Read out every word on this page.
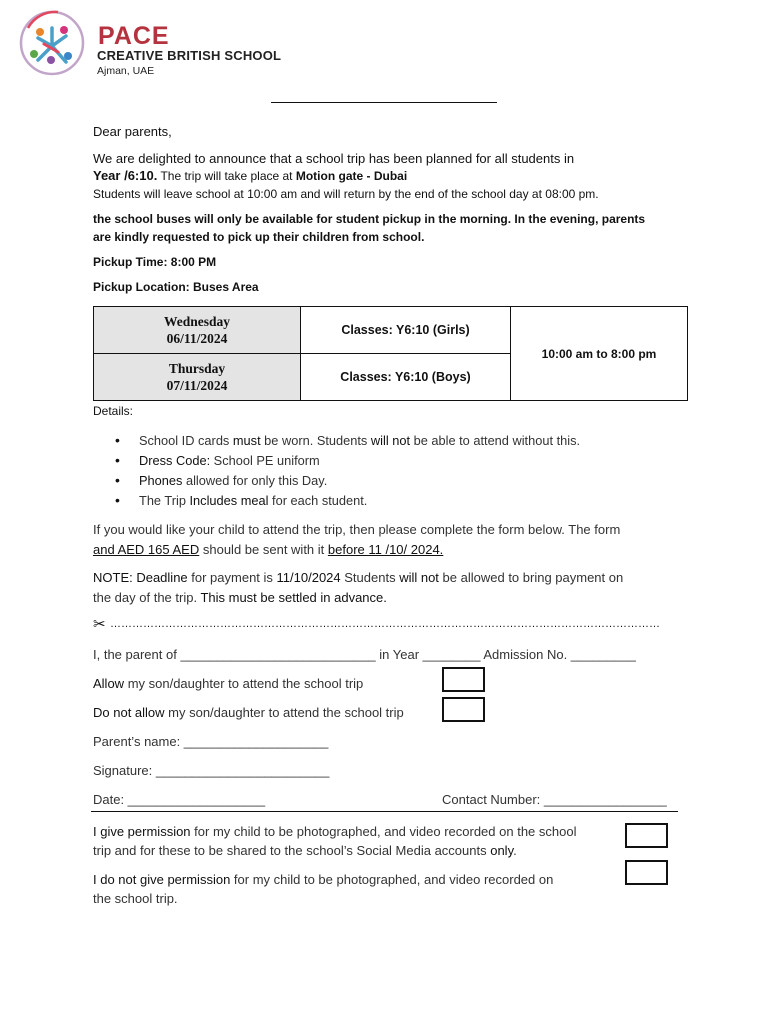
PACE
CREATIVE BRITISH SCHOOL
Ajman, UAE
Dear parents,
We are delighted to announce that a school trip has been planned for all students in
Year /6:10. The trip will take place at Motion gate - Dubai
Students will leave school at 10:00 am and will return by the end of the school day at 08:00 pm.
the school buses will only be available for student pickup in the morning. In the evening, parents
are kindly requested to pick up their children from school.
Pickup Time: 8:00 PM
Pickup Location: Buses Area
Wednesday
06/11/2024	Classes: Y6:10 (Girls)	10:00 am to 8:00 pm

Thursday
07/11/2024	Classes: Y6:10 (Boys)	
Details:
• School ID cards must be worn. Students will not be able to attend without this.
• Dress Code: School PE uniform
• Phones allowed for only this Day.
• The Trip Includes meal for each student.
If you would like your child to attend the trip, then please complete the form below. The form
and AED 165 AED should be sent with it before 11 /10/ 2024.
NOTE: Deadline for payment is 11/10/2024 Students will not be allowed to bring payment on
the day of the trip. This must be settled in advance.
✂ ……………………………………………………………………………………………………………………………………
I, the parent of ___________________________ in Year ________ Admission No. _________
Allow my son/daughter to attend the school trip
Do not allow my son/daughter to attend the school trip
Parent’s name: ____________________
Signature: ________________________
Date: ___________________	Contact Number: _________________
I give permission for my child to be photographed, and video recorded on the school
trip and for these to be shared to the school’s Social Media accounts only.
I do not give permission for my child to be photographed, and video recorded on
the school trip.
